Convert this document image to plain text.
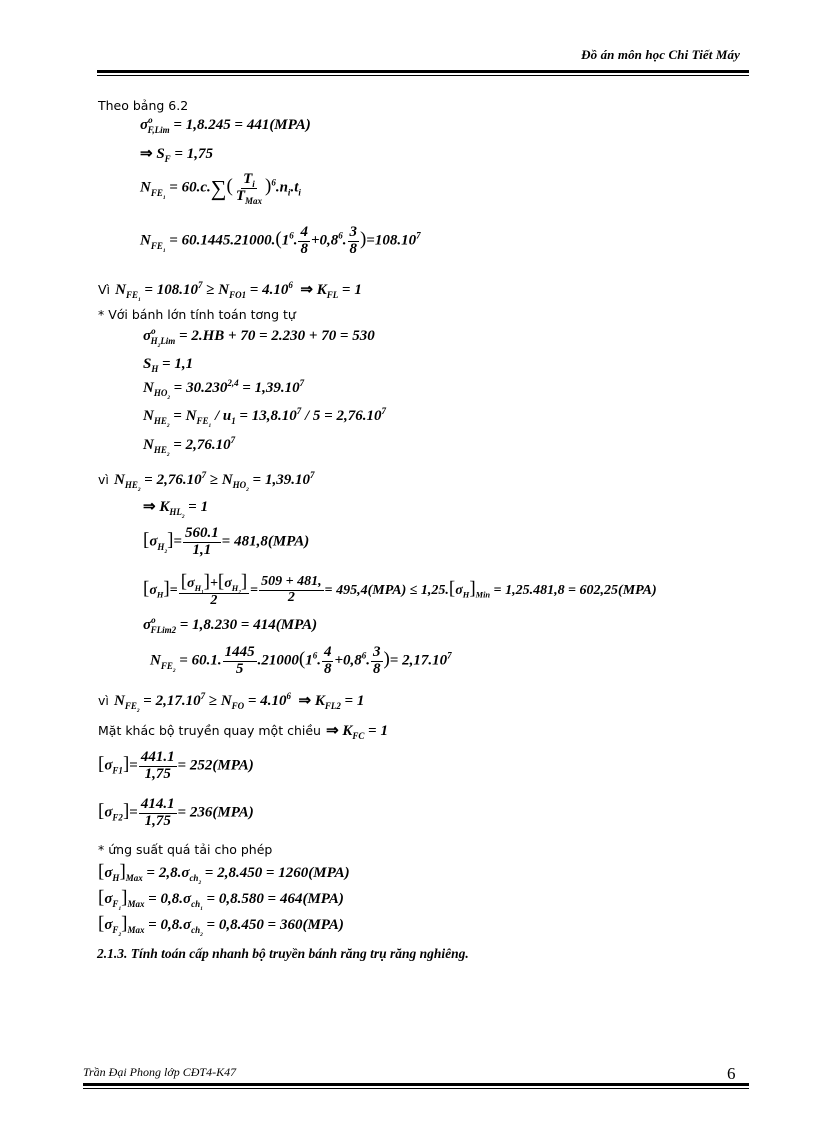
Đồ án môn học Chi Tiết Máy
Theo bảng 6.2
$\sigma^o_{F,Lim} = 1,8.245 = 441(MPA)$
⇒ $S_F = 1,75$
$N_{FE_1} = 60.c.\sum( \frac{T_i}{T_{Max}} )^6.n_i.t_i$
$N_{FE_1} = 60.1445.21000.(1^6$. $\frac{4}{8} +0,8^6$. $\frac{3}{8} )=108.10^7$
Vì $N_{FE_1} = 108.10^7 \ge N_{FO1} = 4.10^6$ ⇒ $K_{FL} = 1$
* Với bánh lớn tính toán tơng tự
$\sigma^o_{H_2Lim} = 2.HB + 70 = 2.230 + 70 = 530$
$S_H = 1,1$
$N_{HO_2} = 30.230^{2,4} = 1,39.10^7$
$N_{HE_2} = N_{FE_1} / u_1 = 13,8.10^7 / 5 = 2,76.10^7$
$N_{HE_2} = 2,76.10^7$
vì $N_{HE_2} = 2,76.10^7 \ge N_{HO_2} = 1,39.10^7$
⇒ $K_{HL_2} = 1$
$[\sigma_{H_2}]= \frac{560.1}{1,1} = 481,8(MPA)$
$[\sigma_H]= \frac{[\sigma_{H_1}]+[\sigma_{H_2}]}{2} = \frac{509 + 481,}{2} = 495,4(MPA) \le 1,25.[\sigma_H]_{Min} = 1,25.481,8 = 602,25(MPA)$
$\sigma^o_{FLim2} = 1,8.230 = 414(MPA)$
$N_{FE_2} = 60.1$. $\frac{1445}{5} .21000(1^6$. $\frac{4}{8} +0,8^6$. $\frac{3}{8}$ )= $2,17.10^7$
vì $N_{FE_2} = 2,17.10^7 \ge N_{FO} = 4.10^6$ ⇒ $K_{FL2} = 1$
Mặt khác bộ truyền quay một chiều ⇒ $K_{FC} = 1$
$[\sigma_{F1}]= \frac{441.1}{1,75} = 252(MPA)$
$[\sigma_{F2}]= \frac{414.1}{1,75} = 236(MPA)$
* ứng suất quá tải cho phép
$[\sigma_H]_{Max} = 2,8.\sigma_{ch_2} = 2,8.450 = 1260(MPA)$
$[\sigma_{F_1}]_{Max} = 0,8.\sigma_{ch_1} = 0,8.580 = 464(MPA)$
$[\sigma_{F_2}]_{Max} = 0,8.\sigma_{ch_2} = 0,8.450 = 360(MPA)$
2.1.3. Tính toán cấp nhanh bộ truyền bánh răng trụ răng nghiêng.
Trần Đại Phong lớp CĐT4-K47	6
